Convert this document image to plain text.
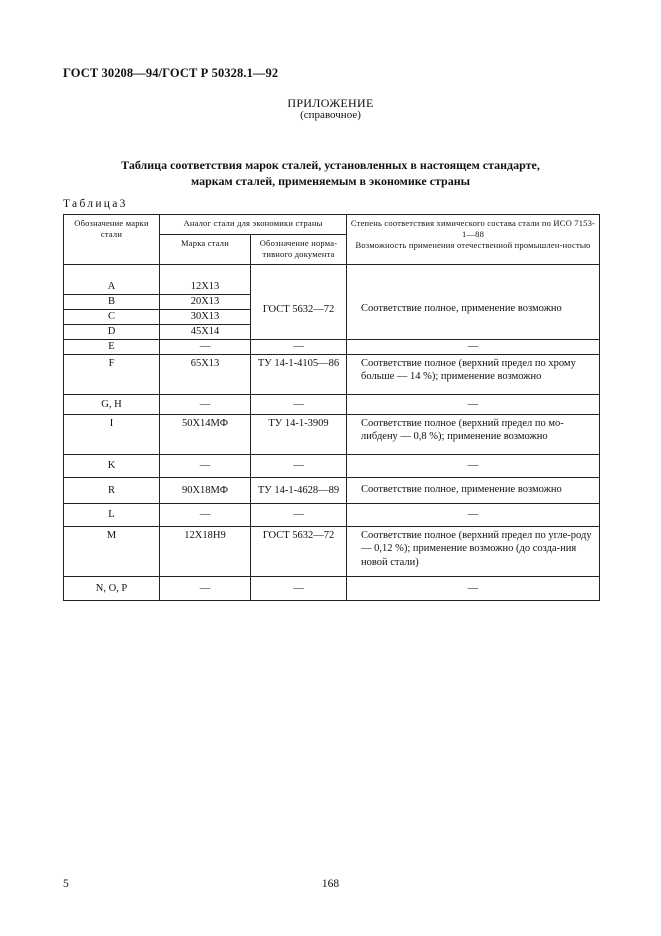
ГОСТ 30208—94/ГОСТ Р 50328.1—92
ПРИЛОЖЕНИЕ
(справочное)
Таблица соответствия марок сталей, установленных в настоящем стандарте,
маркам сталей, применяемым в экономике страны
Таблица3
Обозначение марки стали	Аналог стали для экономики страны		Степень соответствия химического состава стали по ИСО 7153-1—88
Возможность применения отечественной промышлен-ностью

	Марка стали	Обозначение норма-тивного документа	

A	12X13	ГОСТ 5632—72	Соответствие полное, применение возможно
B	20X13		
C	30X13		
D	45X14		
E	—	—	—
F	65X13	ТУ 14-1-4105—86	Соответствие полное (верхний предел по хрому больше — 14 %); применение возможно
G, H	—	—	—
I	50X14МФ	ТУ 14-1-3909	Соответствие полное (верхний предел по мо-либдену — 0,8 %); применение возможно
K	—	—	—
R	90X18МФ	ТУ 14-1-4628—89	Соответствие полное, применение возможно
L	—	—	—
M	12X18H9	ГОСТ 5632—72	Соответствие полное (верхний предел по угле-роду — 0,12 %); применение возможно (до созда-ния новой стали)
N, O, P	—	—	—
5	168
